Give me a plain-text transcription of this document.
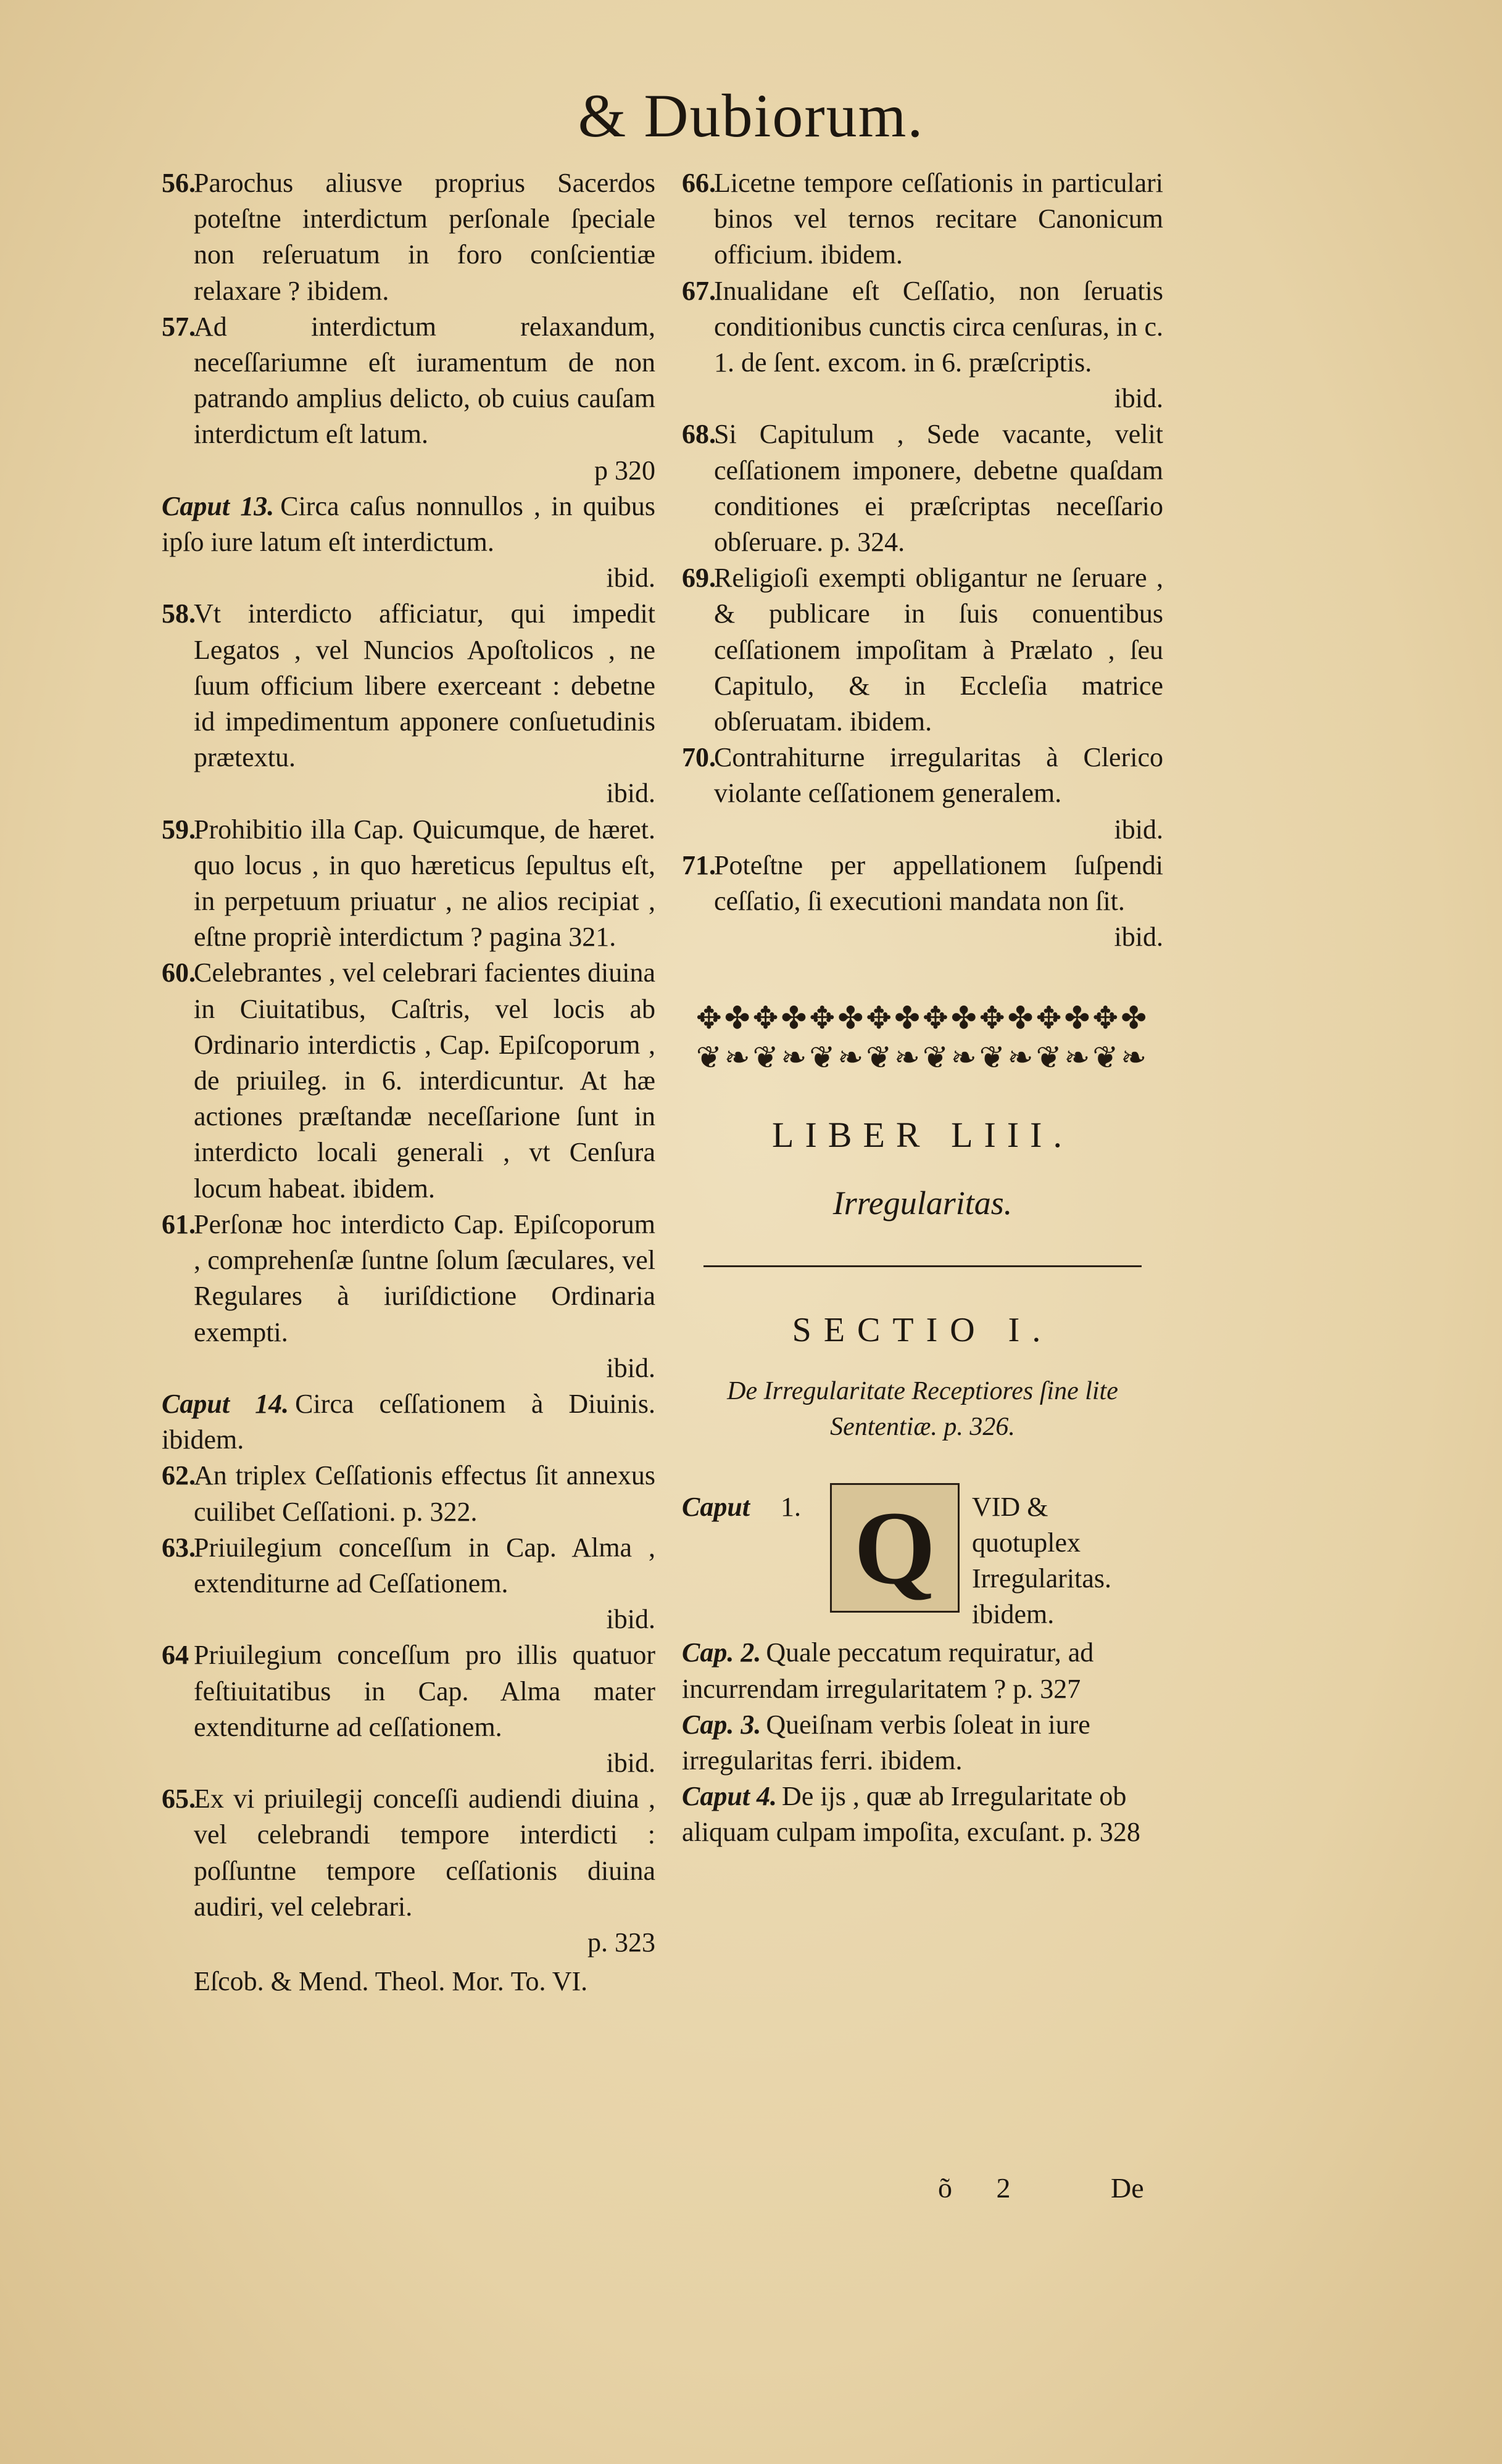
& Dubiorum.
56.
Parochus aliusve proprius Sacerdos poteſtne interdictum perſonale ſpeciale non reſeruatum in foro conſcientiæ relaxare ? ibidem.
57.
Ad interdictum relaxandum, neceſſariumne eſt iuramentum de non patrando amplius delicto, ob cuius cauſam interdictum eſt latum.
p 320
Caput 13. Circa caſus nonnullos , in quibus ipſo iure latum eſt interdictum.
ibid.
58.
Vt interdicto afficiatur, qui impedit Legatos , vel Nuncios Apoſtolicos , ne ſuum officium libere exerceant : debetne id impedimentum apponere conſuetudinis prætextu.
ibid.
59.
Prohibitio illa Cap. Quicumque, de hæret. quo locus , in quo hæreticus ſepultus eſt, in perpetuum priuatur , ne alios recipiat , eſtne propriè interdictum ? pagina 321.
60.
Celebrantes , vel celebrari facientes diuina in Ciuitatibus, Caſtris, vel locis ab Ordinario interdictis , Cap. Epiſcoporum , de priuileg. in 6. interdicuntur. At hæ actiones præſtandæ neceſſarione ſunt in interdicto locali generali , vt Cenſura locum habeat. ibidem.
61.
Perſonæ hoc interdicto Cap. Epiſcoporum , comprehenſæ ſuntne ſolum ſæculares, vel Regulares à iuriſdictione Ordinaria exempti.
ibid.
Caput 14. Circa ceſſationem à Diuinis. ibidem.
62.
An triplex Ceſſationis effectus ſit annexus cuilibet Ceſſationi. p. 322.
63.
Priuilegium conceſſum in Cap. Alma , extenditurne ad Ceſſationem.
ibid.
64 Priuilegium conceſſum pro illis quatuor feſtiuitatibus in Cap. Alma mater extenditurne ad ceſſationem.
ibid.
65.
Ex vi priuilegij conceſſi audiendi diuina , vel celebrandi tempore interdicti : poſſuntne tempore ceſſationis diuina audiri, vel celebrari.
p. 323
Eſcob. & Mend. Theol. Mor. To. VI.
66.
Licetne tempore ceſſationis in particulari binos vel ternos recitare Canonicum officium. ibidem.
67.
Inualidane eſt Ceſſatio, non ſeruatis conditionibus cunctis circa cenſuras, in c. 1. de ſent. excom. in 6. præſcriptis.
ibid.
68.
Si Capitulum , Sede vacante, velit ceſſationem imponere, debetne quaſdam conditiones ei præſcriptas neceſſario obſeruare. p. 324.
69.
Religioſi exempti obligantur ne ſeruare , & publicare in ſuis conuentibus ceſſationem impoſitam à Prælato , ſeu Capitulo, & in Eccleſia matrice obſeruatam. ibidem.
70.
Contrahiturne irregularitas à Clerico violante ceſſationem generalem.
ibid.
71.
Poteſtne per appellationem ſuſpendi ceſſatio, ſi executioni mandata non ſit.
ibid.
✥✤✥✤✥✤✥✤✥✤✥✤✥✤✥✤
❦❧❦❧❦❧❦❧❦❧❦❧❦❧❦❧
LIBER LIII.
Irregularitas.
SECTIO I.
De Irregularitate Receptiores ſine lite Sententiæ. p. 326.
Caput 1. Q	VID & quotuplex Irregularitas. ibidem.
Cap. 2. Quale peccatum requiratur, ad incurrendam irregularitatem ? p. 327
Cap. 3. Queiſnam verbis ſoleat in iure irregularitas ferri. ibidem.
Caput 4. De ijs , quæ ab Irregularitate ob aliquam culpam impoſita, excuſant. p. 328
õ 2	De
